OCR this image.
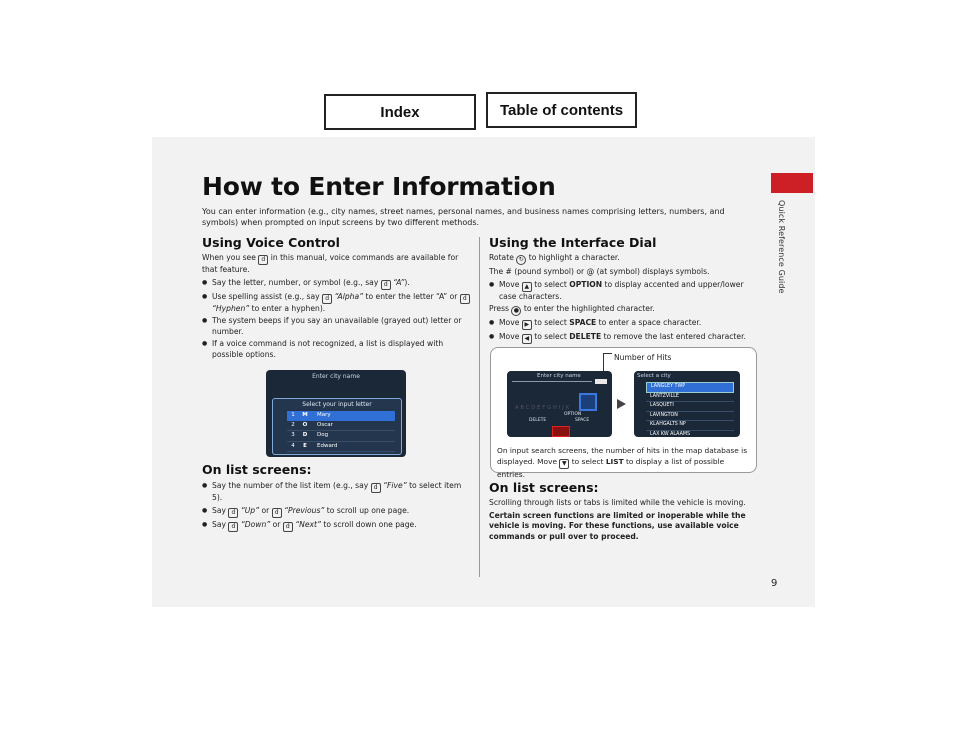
Index	Table of contents
Quick Reference Guide
9
How to Enter Information
You can enter information (e.g., city names, street names, personal names, and business names comprising letters, numbers, and symbols) when prompted on input screens by two different methods.
Using Voice Control

When you see d in this manual, voice commands are available for that feature.

● Say the letter, number, or symbol (e.g., say d “A”).
● Use spelling assist (e.g., say d “Alpha” to enter the letter “A” or d “Hyphen” to enter a hyphen).
● The system beeps if you say an unavailable (grayed out) letter or number.
● If a voice command is not recognized, a list is displayed with possible options.
Enter city name
Select your input letter
1	M	Mary
2	O	Oscar
3	D	Dog
4	E	Edward
On list screens:
● Say the number of the list item (e.g., say d “Five” to select item 5).
● Say d “Up” or d “Previous” to scroll up one page.
● Say d “Down” or d “Next” to scroll down one page.
Using the Interface Dial

Rotate ↻ to highlight a character.

The # (pound symbol) or @ (at symbol) displays symbols.

● Move ▲ to select OPTION to display accented and upper/lower case characters.

Press ● to enter the highlighted character.

● Move ▶ to select SPACE to enter a space character.
● Move ◀ to select DELETE to remove the last entered character.
Number of Hits
Enter city name
ABCDEFGHIJK
OPTION
DELETE	SPACE
Select a city
LANGLEY TWP
LANTZVILLE
LASQUETI
LAVINGTON
KLAHGALTS NP
LAX KW ALAAMS
On input search screens, the number of hits in the map database is
displayed. Move ▼ to select LIST to display a list of possible entries.
On list screens:

Scrolling through lists or tabs is limited while the vehicle is moving.

Certain screen functions are limited or inoperable while the vehicle is moving. For these functions, use available voice commands or pull over to proceed.
